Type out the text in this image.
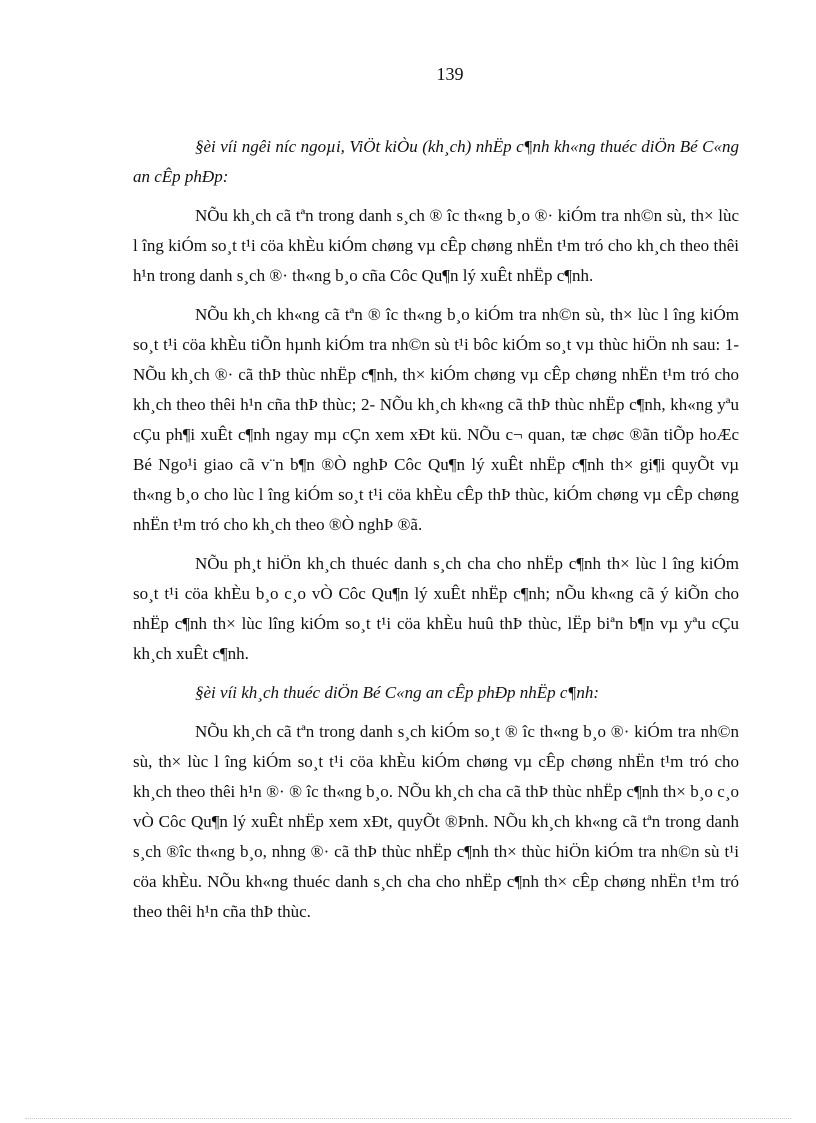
139

§èi víi ngêi níc ngoµi, ViÖt kiÒu (kh¸ch) nhËp c¶nh kh«ng thuéc diÖn Bé C«ng an cÊp phÐp:

NÕu kh¸ch cã tªn trong danh s¸ch ® îc th«ng b¸o ®· kiÓm tra nh©n sù, th× lùc l îng kiÓm so¸t t¹i cöa khÈu kiÓm chøng vµ cÊp chøng nhËn t¹m tró cho kh¸ch theo thêi h¹n trong danh s¸ch ®· th«ng b¸o cña Côc Qu¶n lý xuÊt nhËp c¶nh.

NÕu kh¸ch kh«ng cã tªn ® îc th«ng b¸o kiÓm tra nh©n sù, th× lùc l îng kiÓm so¸t t¹i cöa khÈu tiÕn hµnh kiÓm tra nh©n sù t¹i bôc kiÓm so¸t vµ thùc hiÖn nh sau: 1- NÕu kh¸ch ®· cã thÞ thùc nhËp c¶nh, th× kiÓm chøng vµ cÊp chøng nhËn t¹m tró cho kh¸ch theo thêi h¹n cña thÞ thùc; 2- NÕu kh¸ch kh«ng cã thÞ thùc nhËp c¶nh, kh«ng yªu cÇu ph¶i xuÊt c¶nh ngay mµ cÇn xem xÐt kü. NÕu c¬ quan, tæ chøc ®ãn tiÕp hoÆc Bé Ngo¹i giao cã v¨n b¶n ®Ò nghÞ Côc Qu¶n lý xuÊt nhËp c¶nh th× gi¶i quyÕt vµ th«ng b¸o cho lùc l îng kiÓm so¸t t¹i cöa khÈu cÊp thÞ thùc, kiÓm chøng vµ cÊp chøng nhËn t¹m tró cho kh¸ch theo ®Ò nghÞ ®ã.

NÕu ph¸t hiÖn kh¸ch thuéc danh s¸ch cha cho nhËp c¶nh th× lùc l îng kiÓm so¸t t¹i cöa khÈu b¸o c¸o vÒ Côc Qu¶n lý xuÊt nhËp c¶nh; nÕu kh«ng cã ý kiÕn cho nhËp c¶nh th× lùc lîng kiÓm so¸t t¹i cöa khÈu huû thÞ thùc, lËp biªn b¶n vµ yªu cÇu kh¸ch xuÊt c¶nh.

§èi víi kh¸ch thuéc diÖn Bé C«ng an cÊp phÐp nhËp c¶nh:

NÕu kh¸ch cã tªn trong danh s¸ch kiÓm so¸t ® îc th«ng b¸o ®· kiÓm tra nh©n sù, th× lùc l îng kiÓm so¸t t¹i cöa khÈu kiÓm chøng vµ cÊp chøng nhËn t¹m tró cho kh¸ch theo thêi h¹n ®· ® îc th«ng b¸o. NÕu kh¸ch cha cã thÞ thùc nhËp c¶nh th× b¸o c¸o vÒ Côc Qu¶n lý xuÊt nhËp xem xÐt, quyÕt ®Þnh. NÕu kh¸ch kh«ng cã tªn trong danh s¸ch ®îc th«ng b¸o, nhng ®· cã thÞ thùc nhËp c¶nh th× thùc hiÖn kiÓm tra nh©n sù t¹i cöa khÈu. NÕu kh«ng thuéc danh s¸ch cha cho nhËp c¶nh th× cÊp chøng nhËn t¹m tró theo thêi h¹n cña thÞ thùc.
